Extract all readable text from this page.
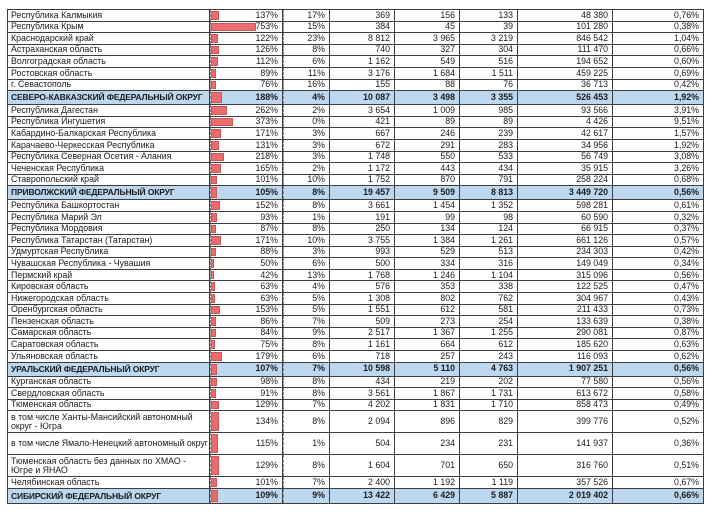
Республика Калмыкия	137%	17%	369	156	133	48 380	0,76%
Республика Крым	753%	15%	384	45	39	101 280	0,38%
Краснодарский край	122%	23%	8 812	3 965	3 219	846 542	1,04%
Астраханская область	126%	8%	740	327	304	111 470	0,66%
Волгоградская область	112%	6%	1 162	549	516	194 652	0,60%
Ростовская область	89%	11%	3 176	1 684	1 511	459 225	0,69%
г. Севастополь	76%	16%	155	88	76	36 713	0,42%
СЕВЕРО-КАВКАЗСКИЙ ФЕДЕРАЛЬНЫЙ ОКРУГ	188%	4%	10 087	3 498	3 355	526 453	1,92%
Республика Дагестан	262%	2%	3 654	1 009	985	93 566	3,91%
Республика Ингушетия	373%	0%	421	89	89	4 426	9,51%
Кабардино-Балкарская Республика	171%	3%	667	246	239	42 617	1,57%
Карачаево-Черкесская Республика	131%	3%	672	291	283	34 956	1,92%
Республика Северная Осетия - Алания	218%	3%	1 748	550	533	56 749	3,08%
Чеченская Республика	165%	2%	1 172	443	434	35 915	3,26%
Ставропольский край	101%	10%	1 752	870	791	258 224	0,68%
ПРИВОЛЖСКИЙ ФЕДЕРАЛЬНЫЙ ОКРУГ	105%	8%	19 457	9 509	8 813	3 449 720	0,56%
Республика Башкортостан	152%	8%	3 661	1 454	1 352	598 281	0,61%
Республика Марий Эл	93%	1%	191	99	98	60 590	0,32%
Республика Мордовия	87%	8%	250	134	124	66 915	0,37%
Республика Татарстан (Татарстан)	171%	10%	3 755	1 384	1 261	661 126	0,57%
Удмуртская Республика	88%	3%	993	529	513	234 303	0,42%
Чувашская Республика - Чувашия	50%	6%	500	334	316	149 049	0,34%
Пермский край	42%	13%	1 768	1 246	1 104	315 096	0,56%
Кировская область	63%	4%	576	353	338	122 525	0,47%
Нижегородская область	63%	5%	1 308	802	762	304 967	0,43%
Оренбургская область	153%	5%	1 551	612	581	211 433	0,73%
Пензенская область	86%	7%	509	273	254	133 639	0,38%
Самарская область	84%	9%	2 517	1 367	1 255	290 081	0,87%
Саратовская область	75%	8%	1 161	664	612	185 620	0,63%
Ульяновская область	179%	6%	718	257	243	116 093	0,62%
УРАЛЬСКИЙ ФЕДЕРАЛЬНЫЙ ОКРУГ	107%	7%	10 598	5 110	4 763	1 907 251	0,56%
Курганская область	98%	8%	434	219	202	77 580	0,56%
Свердловская область	91%	8%	3 561	1 867	1 731	613 672	0,58%
Тюменская область	129%	7%	4 202	1 831	1 710	858 473	0,49%
в том числе Ханты-Мансийский автономный округ - Югра	134%	8%	2 094	896	829	399 776	0,52%
в том числе Ямало-Ненецкий автономный округ	115%	1%	504	234	231	141 937	0,36%
Тюменская область без данных по ХМАО - Югре и ЯНАО	129%	8%	1 604	701	650	316 760	0,51%
Челябинская область	101%	7%	2 400	1 192	1 119	357 526	0,67%
СИБИРСКИЙ ФЕДЕРАЛЬНЫЙ ОКРУГ	109%	9%	13 422	6 429	5 887	2 019 402	0,66%
